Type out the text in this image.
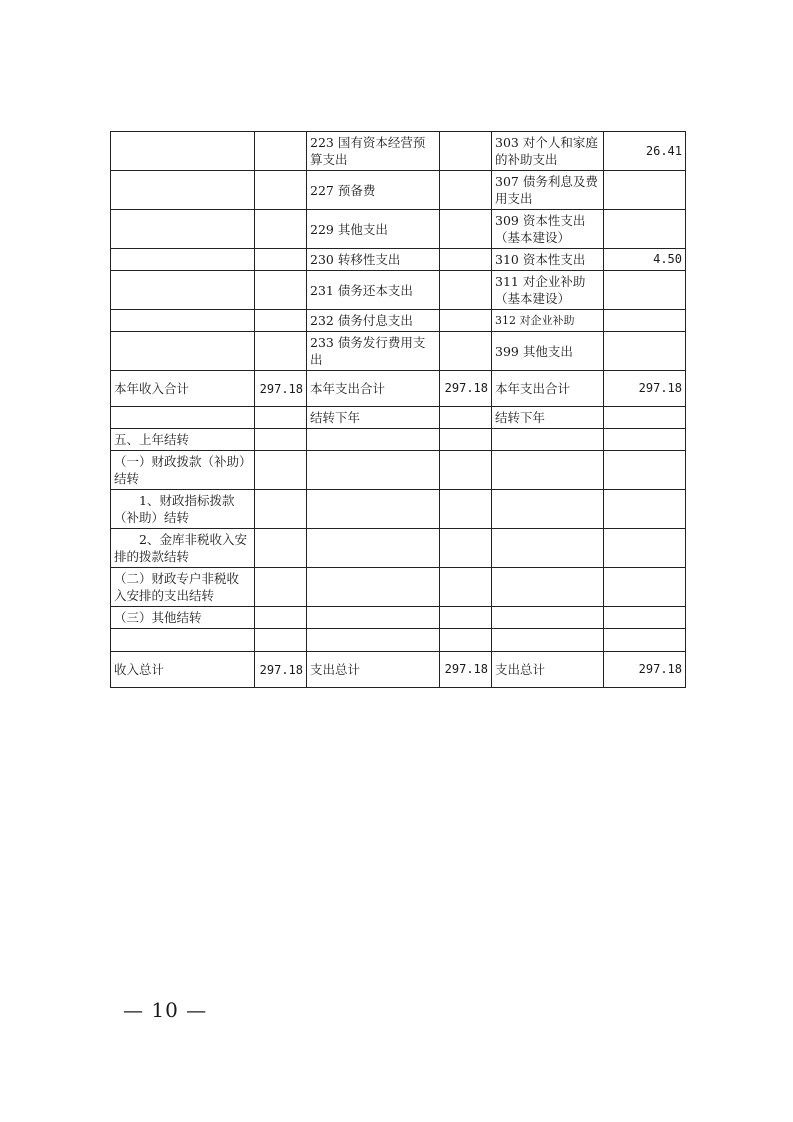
		223 国有资本经营预算支出		303 对个人和家庭的补助支出	26.41
		227 预备费		307 债务利息及费用支出	
		229 其他支出		309 资本性支出（基本建设）	
		230 转移性支出		310 资本性支出	4.50
		231 债务还本支出		311 对企业补助（基本建设）	
		232 债务付息支出		312 对企业补助	
		233 债务发行费用支出		399 其他支出	
本年收入合计	297.18	本年支出合计	297.18	本年支出合计	297.18
		结转下年		结转下年	
五、上年结转					
（一）财政拨款（补助）结转					

1、财政指标拨款（补助）结转					

2、金库非税收入安排的拨款结转					

（二）财政专户非税收入安排的支出结转					
（三）其他结转					

收入总计	297.18	支出总计	297.18	支出总计	297.18
— 10 —
